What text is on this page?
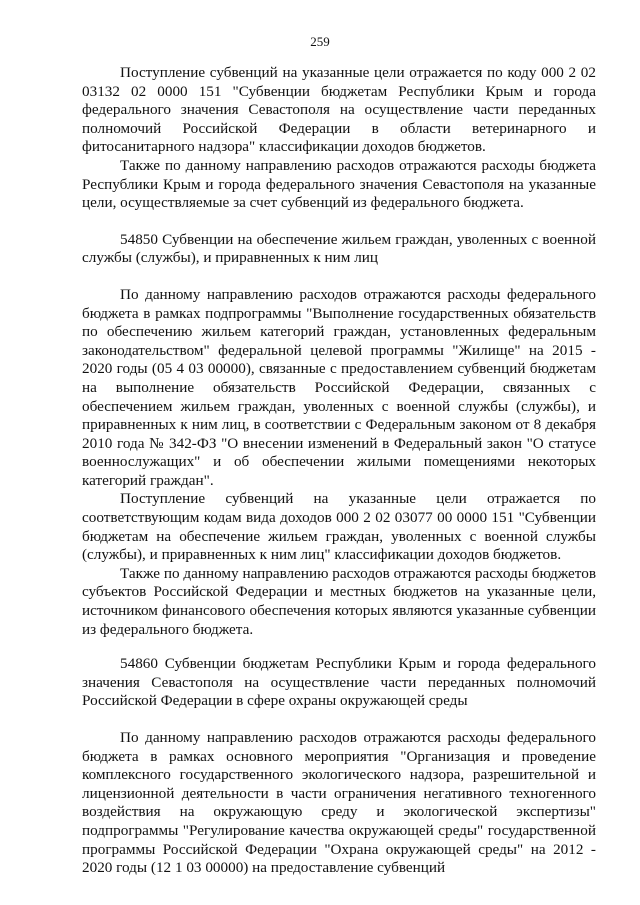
259

Поступление субвенций на указанные цели отражается по коду 000 2 02 03132 02 0000 151 "Субвенции бюджетам Республики Крым и города федерального значения Севастополя на осуществление части переданных полномочий Российской Федерации в области ветеринарного и фитосанитарного надзора" классификации доходов бюджетов.

Также по данному направлению расходов отражаются расходы бюджета Республики Крым и города федерального значения Севастополя на указанные цели, осуществляемые за счет субвенций из федерального бюджета.

54850 Субвенции на обеспечение жильем граждан, уволенных с военной службы (службы), и приравненных к ним лиц

По данному направлению расходов отражаются расходы федерального бюджета в рамках подпрограммы "Выполнение государственных обязательств по обеспечению жильем категорий граждан, установленных федеральным законодательством" федеральной целевой программы "Жилище" на 2015 - 2020 годы (05 4 03 00000), связанные с предоставлением субвенций бюджетам на выполнение обязательств Российской Федерации, связанных с обеспечением жильем граждан, уволенных с военной службы (службы), и приравненных к ним лиц, в соответствии с Федеральным законом от 8 декабря 2010 года № 342-ФЗ "О внесении изменений в Федеральный закон "О статусе военнослужащих" и об обеспечении жилыми помещениями некоторых категорий граждан".

Поступление субвенций на указанные цели отражается по соответствующим кодам вида доходов 000 2 02 03077 00 0000 151 "Субвенции бюджетам на обеспечение жильем граждан, уволенных с военной службы (службы), и приравненных к ним лиц" классификации доходов бюджетов.

Также по данному направлению расходов отражаются расходы бюджетов субъектов Российской Федерации и местных бюджетов на указанные цели, источником финансового обеспечения которых являются указанные субвенции из федерального бюджета.

54860 Субвенции бюджетам Республики Крым и города федерального значения Севастополя на осуществление части переданных полномочий Российской Федерации в сфере охраны окружающей среды

По данному направлению расходов отражаются расходы федерального бюджета в рамках основного мероприятия "Организация и проведение комплексного государственного экологического надзора, разрешительной и лицензионной деятельности в части ограничения негативного техногенного воздействия на окружающую среду и экологической экспертизы" подпрограммы "Регулирование качества окружающей среды" государственной программы Российской Федерации "Охрана окружающей среды" на 2012 - 2020 годы (12 1 03 00000) на предоставление субвенций
